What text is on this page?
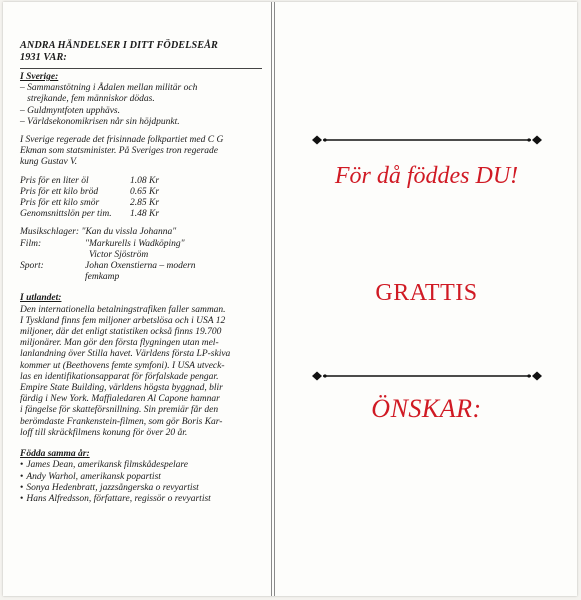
ANDRA HÄNDELSER I DITT FÖDELSEÅR
1931 VAR:
I Sverige:
– Sammanstötning i Ådalen mellan militär och
strejkande, fem människor dödas.
– Guldmyntfoten upphävs.
– Världsekonomikrisen når sin höjdpunkt.
I Sverige regerade det frisinnade folkpartiet med C G
Ekman som statsminister. På Sveriges tron regerade
kung Gustav V.
Pris för en liter öl	1.08 Kr
Pris för ett kilo bröd	0.65 Kr
Pris för ett kilo smör	2.85 Kr
Genomsnittslön per tim.	1.48 Kr
Musikschlager: "Kan du vissla Johanna"	
Film:	"Markurells i Wadköping"
Victor Sjöström

Sport:	Johan Oxenstierna – modern
femkamp
I utlandet:
Den internationella betalningstrafiken faller samman.
I Tyskland finns fem miljoner arbetslösa och i USA 12
miljoner, där det enligt statistiken också finns 19.700
miljonärer. Man gör den första flygningen utan mel-
lanlandning över Stilla havet. Världens första LP-skiva
kommer ut (Beethovens femte symfoni). I USA utveck-
las en identifikationsapparat för förfalskade pengar.
Empire State Building, världens högsta byggnad, blir
färdig i New York. Maffialedaren Al Capone hamnar
i fängelse för skatteförsnillning. Sin premiär får den
berömdaste Frankenstein-filmen, som gör Boris Kar-
loff till skräckfilmens konung för över 20 år.
Födda samma år:
• James Dean, amerikansk filmskådespelare
• Andy Warhol, amerikansk popartist
• Sonya Hedenbratt, jazzsångerska o revyartist
• Hans Alfredsson, författare, regissör o revyartist
För då föddes DU!
GRATTIS
ÖNSKAR:
